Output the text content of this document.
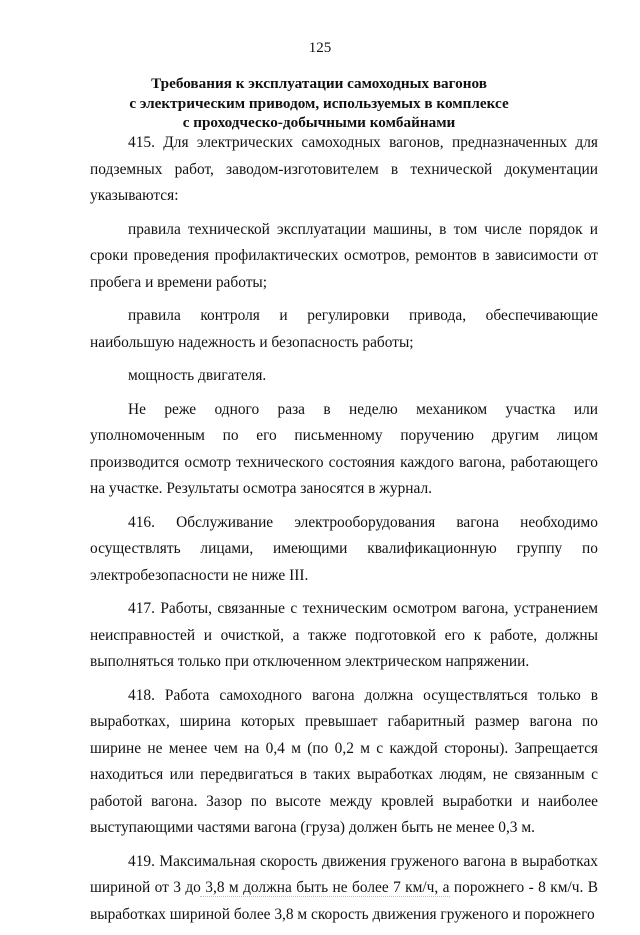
125
Требования к эксплуатации самоходных вагонов
с электрическим приводом, используемых в комплексе
с проходческо-добычными комбайнами

415. Для электрических самоходных вагонов, предназначенных для подземных работ, заводом-изготовителем в технической документации указываются:

правила технической эксплуатации машины, в том числе порядок и сроки проведения профилактических осмотров, ремонтов в зависимости от пробега и времени работы;

правила контроля и регулировки привода, обеспечивающие наибольшую надежность и безопасность работы;

мощность двигателя.

Не реже одного раза в неделю механиком участка или уполномоченным по его письменному поручению другим лицом производится осмотр технического состояния каждого вагона, работающего на участке. Результаты осмотра заносятся в журнал.

416. Обслуживание электрооборудования вагона необходимо осуществлять лицами, имеющими квалификационную группу по электробезопасности не ниже III.

417. Работы, связанные с техническим осмотром вагона, устранением неисправностей и очисткой, а также подготовкой его к работе, должны выполняться только при отключенном электрическом напряжении.

418. Работа самоходного вагона должна осуществляться только в выработках, ширина которых превышает габаритный размер вагона по ширине не менее чем на 0,4 м (по 0,2 м с каждой стороны). Запрещается находиться или передвигаться в таких выработках людям, не связанным с работой вагона. Зазор по высоте между кровлей выработки и наиболее выступающими частями вагона (груза) должен быть не менее 0,3 м.

419. Максимальная скорость движения груженого вагона в выработках шириной от 3 до 3,8 м должна быть не более 7 км/ч, а порожнего - 8 км/ч. В выработках шириной более 3,8 м скорость движения груженого и порожнего
